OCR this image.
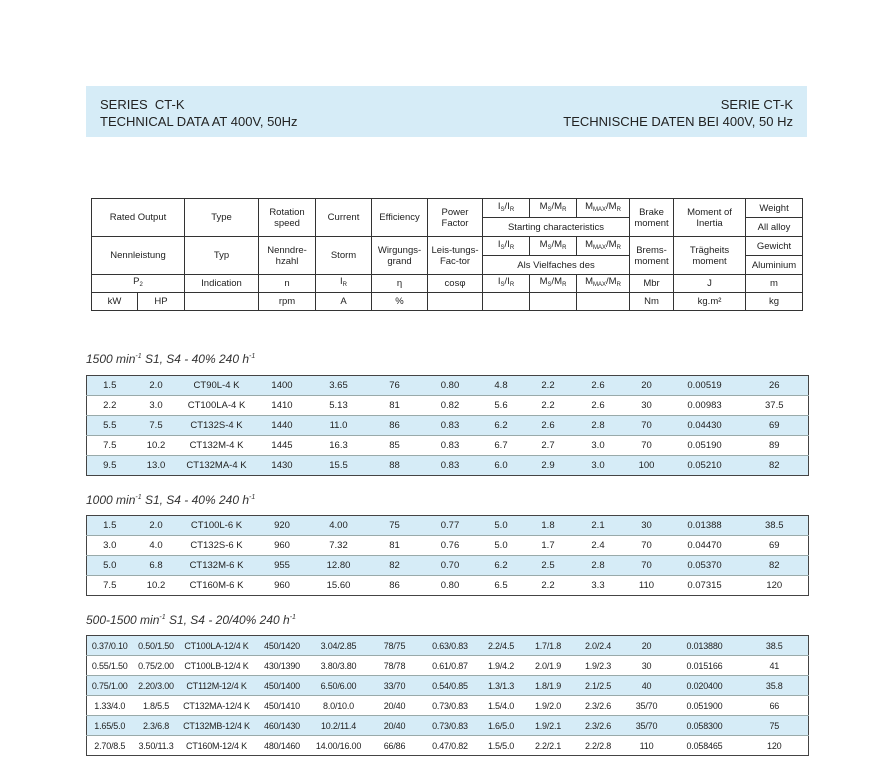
SERIES  CT-K
TECHNICAL DATA AT 400V, 50Hz
SERIE CT-K
TECHNISCHE DATEN BEI 400V, 50 Hz
Rated Output		Type	Rotation speed	Current	Efficiency	Power Factor	$I_S/I_R$	$M_S/M_R$	$M_{MAX}/M_R$	Brake moment	Moment of Inertia	Weight
							Starting characteristics					All alloy
Nennleistung		Typ	Nenndre-hzahl	Storm	Wirgungs-grand	Leis-tungs-Fac-tor	$I_S/I_R$	$M_S/M_R$	$M_{MAX}/M_R$	Brems-moment	Trägheits moment	Gewicht
							Als Vielfaches des					Aluminium
$P_2$		Indication	n	$I_R$	η	cosφ	$I_S/I_R$	$M_S/M_R$	$M_{MAX}/M_R$	Mbr	J	m
kW	HP		rpm	A	%					Nm	kg.m²	kg
1500 $\min^{-1} S1$, S4 - 40% 240 $h^{-1}$
1000 $\min^{-1} S1$, S4 - 40% 240 $h^{-1}$
500-1500 $\min^{-1} S1$, S4 - 20/40% 240 $h^{-1}$
1.5	2.0	CT90L-4 K	1400	3.65	76	0.80	4.8	2.2	2.6	20	0.00519	26
2.2	3.0	CT100LA-4 K	1410	5.13	81	0.82	5.6	2.2	2.6	30	0.00983	37.5
5.5	7.5	CT132S-4 K	1440	11.0	86	0.83	6.2	2.6	2.8	70	0.04430	69
7.5	10.2	CT132M-4 K	1445	16.3	85	0.83	6.7	2.7	3.0	70	0.05190	89
9.5	13.0	CT132MA-4 K	1430	15.5	88	0.83	6.0	2.9	3.0	100	0.05210	82
1.5	2.0	CT100L-6 K	920	4.00	75	0.77	5.0	1.8	2.1	30	0.01388	38.5
3.0	4.0	CT132S-6 K	960	7.32	81	0.76	5.0	1.7	2.4	70	0.04470	69
5.0	6.8	CT132M-6 K	955	12.80	82	0.70	6.2	2.5	2.8	70	0.05370	82
7.5	10.2	CT160M-6 K	960	15.60	86	0.80	6.5	2.2	3.3	110	0.07315	120
0.37/0.10	0.50/1.50	CT100LA-12/4 K	450/1420	3.04/2.85	78/75	0.63/0.83	2.2/4.5	1.7/1.8	2.0/2.4	20	0.013880	38.5
0.55/1.50	0.75/2.00	CT100LB-12/4 K	430/1390	3.80/3.80	78/78	0.61/0.87	1.9/4.2	2.0/1.9	1.9/2.3	30	0.015166	41
0.75/1.00	2.20/3.00	CT112M-12/4 K	450/1400	6.50/6.00	33/70	0.54/0.85	1.3/1.3	1.8/1.9	2.1/2.5	40	0.020400	35.8
1.33/4.0	1.8/5.5	CT132MA-12/4 K	450/1410	8.0/10.0	20/40	0.73/0.83	1.5/4.0	1.9/2.0	2.3/2.6	35/70	0.051900	66
1.65/5.0	2.3/6.8	CT132MB-12/4 K	460/1430	10.2/11.4	20/40	0.73/0.83	1.6/5.0	1.9/2.1	2.3/2.6	35/70	0.058300	75
2.70/8.5	3.50/11.3	CT160M-12/4 K	480/1460	14.00/16.00	66/86	0.47/0.82	1.5/5.0	2.2/2.1	2.2/2.8	110	0.058465	120
